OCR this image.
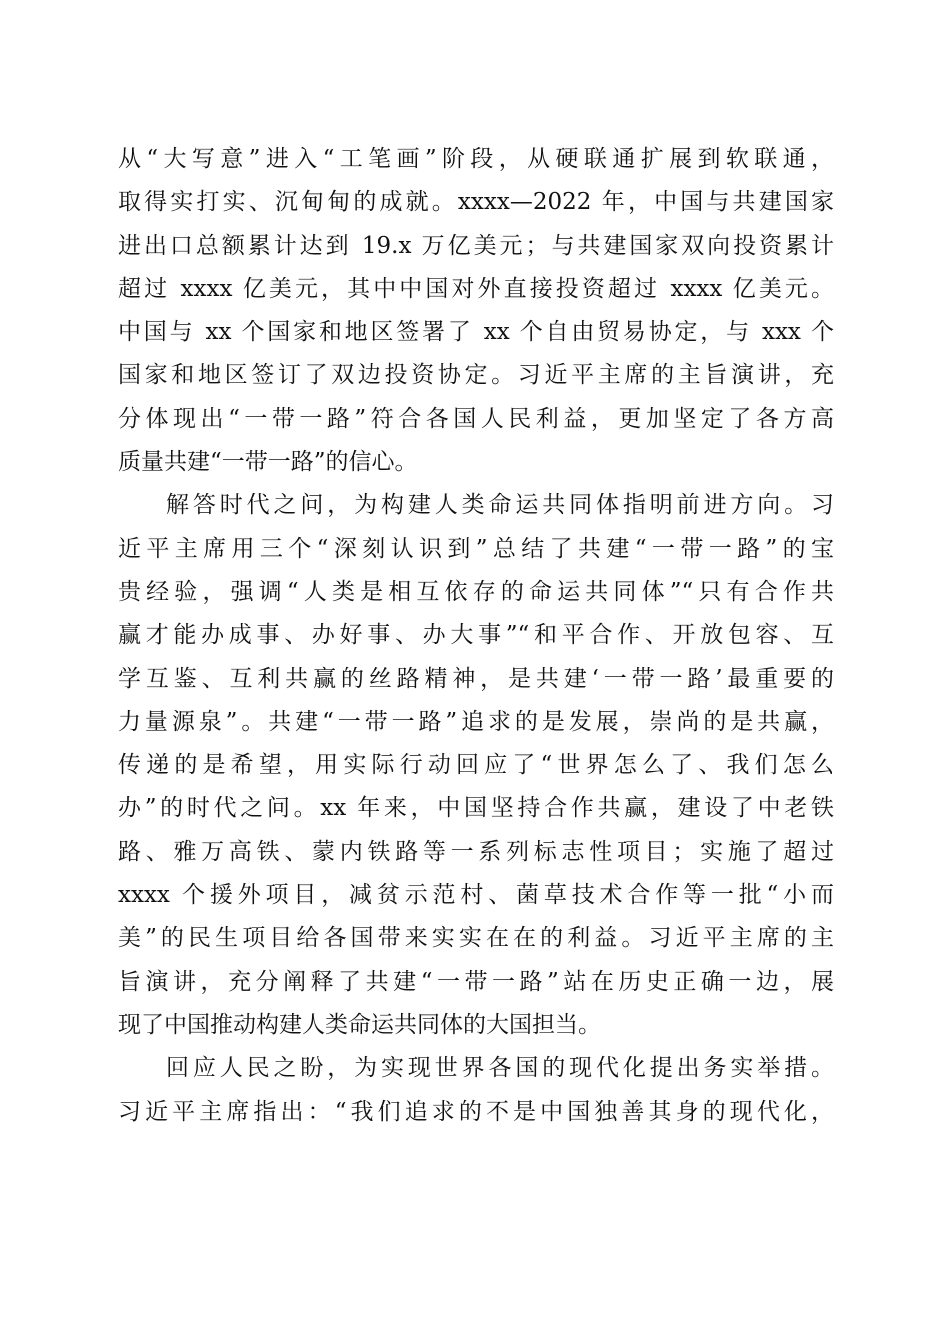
从“大写意”进入“工笔画”阶段，从硬联通扩展到软联通，
取得实打实、沉甸甸的成就。xxxx—2022 年，中国与共建国家
进出口总额累计达到 19.x 万亿美元；与共建国家双向投资累计
超过 xxxx 亿美元，其中中国对外直接投资超过 xxxx 亿美元。
中国与 xx 个国家和地区签署了 xx 个自由贸易协定，与 xxx 个
国家和地区签订了双边投资协定。习近平主席的主旨演讲，充
分体现出“一带一路”符合各国人民利益，更加坚定了各方高
质量共建“一带一路”的信心。
解答时代之问，为构建人类命运共同体指明前进方向。习
近平主席用三个“深刻认识到”总结了共建“一带一路”的宝
贵经验，强调“人类是相互依存的命运共同体”“只有合作共
赢才能办成事、办好事、办大事”“和平合作、开放包容、互
学互鉴、互利共赢的丝路精神，是共建‘一带一路’最重要的
力量源泉”。共建“一带一路”追求的是发展，崇尚的是共赢，
传递的是希望，用实际行动回应了“世界怎么了、我们怎么
办”的时代之问。xx 年来，中国坚持合作共赢，建设了中老铁
路、雅万高铁、蒙内铁路等一系列标志性项目；实施了超过
xxxx 个援外项目，减贫示范村、菌草技术合作等一批“小而
美”的民生项目给各国带来实实在在的利益。习近平主席的主
旨演讲，充分阐释了共建“一带一路”站在历史正确一边，展
现了中国推动构建人类命运共同体的大国担当。
回应人民之盼，为实现世界各国的现代化提出务实举措。
习近平主席指出：“我们追求的不是中国独善其身的现代化，
